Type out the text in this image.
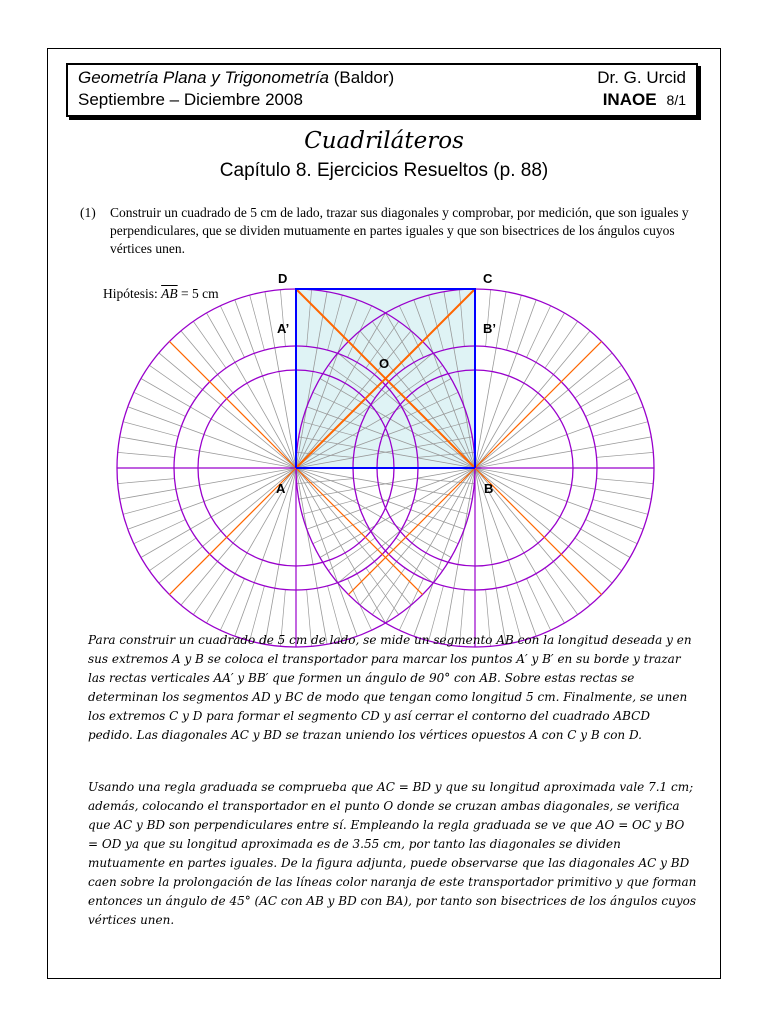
Geometría Plana y Trigonometría (Baldor)	Dr. G. Urcid
Septiembre – Diciembre 2008	INAOE 8/1
Cuadriláteros
Capítulo 8. Ejercicios Resueltos (p. 88)
(1) Construir un cuadrado de 5 cm de lado, trazar sus diagonales y comprobar, por medición, que son iguales y perpendiculares, que se dividen mutuamente en partes iguales y que son bisectrices de los ángulos cuyos vértices unen.
Hipótesis: $\overline{AB} = 5$ cm
D	C
A’	B’
O
A	B
Para construir un cuadrado de 5 cm de lado, se mide un segmento AB con la longitud deseada y en sus extremos A y B se coloca el transportador para marcar los puntos A′ y B′ en su borde y trazar las rectas verticales AA′ y BB′ que formen un ángulo de 90° con AB. Sobre estas rectas se determinan los segmentos AD y BC de modo que tengan como longitud 5 cm. Finalmente, se unen los extremos C y D para formar el segmento CD y así cerrar el contorno del cuadrado ABCD pedido. Las diagonales AC y BD se trazan uniendo los vértices opuestos A con C y B con D.
Usando una regla graduada se comprueba que AC = BD y que su longitud aproximada vale 7.1 cm; además, colocando el transportador en el punto O donde se cruzan ambas diagonales, se verifica que AC y BD son perpendiculares entre sí. Empleando la regla graduada se ve que AO = OC y BO = OD ya que su longitud aproximada es de 3.55 cm, por tanto las diagonales se dividen mutuamente en partes iguales. De la figura adjunta, puede observarse que las diagonales AC y BD caen sobre la prolongación de las líneas color naranja de este transportador primitivo y que forman entonces un ángulo de 45° (AC con AB y BD con BA), por tanto son bisectrices de los ángulos cuyos vértices unen.
